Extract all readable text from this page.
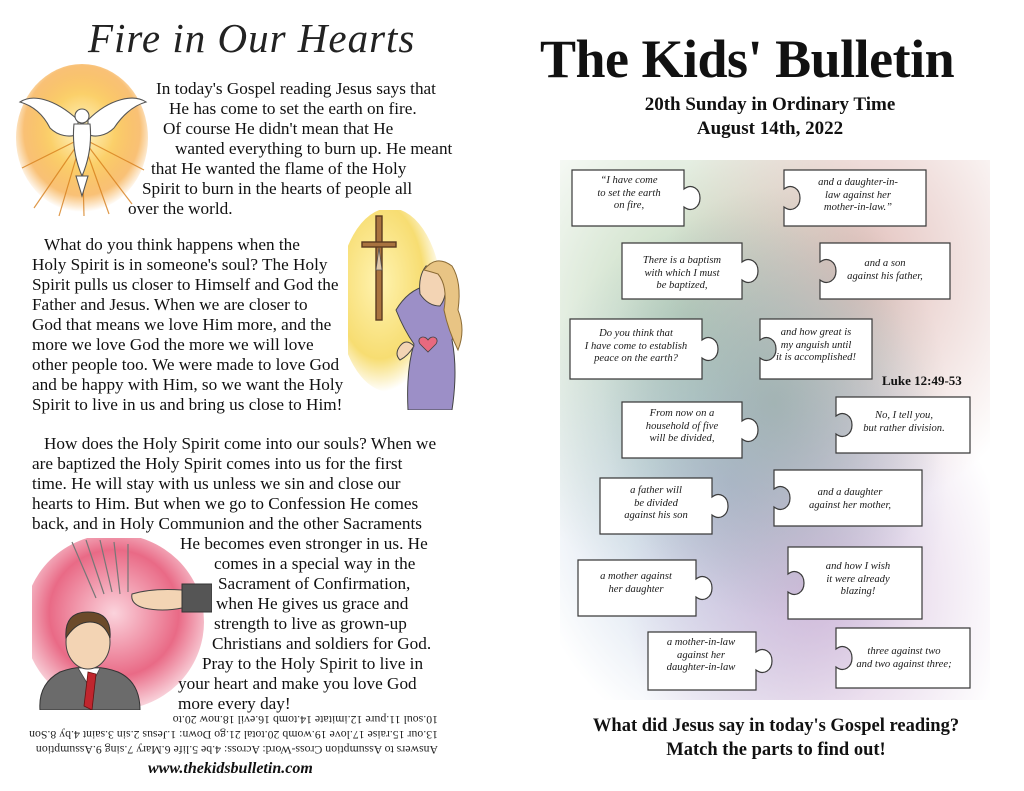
Fire in Our Hearts
In today's Gospel reading Jesus says that
He has come to set the earth on fire.
Of course He didn't mean that He
wanted everything to burn up. He meant
that He wanted the flame of the Holy
Spirit to burn in the hearts of people all
over the world.
What do you think happens when the
Holy Spirit is in someone's soul? The Holy
Spirit pulls us closer to Himself and God the
Father and Jesus. When we are closer to
God that means we love Him more, and the
more we love God the more we will love
other people too. We were made to love God
and be happy with Him, so we want the Holy
Spirit to live in us and bring us close to Him!
How does the Holy Spirit come into our souls? When we
are baptized the Holy Spirit comes into us for the first
time. He will stay with us unless we sin and close our
hearts to Him. But when we go to Confession He comes
back, and in Holy Communion and the other Sacraments
He becomes even stronger in us. He
comes in a special way in the
Sacrament of Confirmation,
when He gives us grace and
strength to live as grown-up
Christians and soldiers for God.
Pray to the Holy Spirit to live in
your heart and make you love God
more every day!
Answers to Assumption Cross-Word: Across: 4.be 5.life 6.Mary 7.sing 9.Assumption
13.our 15.raise 17.love 19.womb 20.total 21.go Down: 1.Jesus 2.sin 3.saint 4.by 8.Son
10.soul 11.pure 12.imitate 14.tomb 16.evil 18.now 20.to
www.thekidsbulletin.com
The Kids' Bulletin
20th Sunday in Ordinary Time
August 14th, 2022
“I have come
to set the earth
on fire,
and a daughter-in-
law against her
mother-in-law.”
There is a baptism
with which I must
be baptized,
and a son
against his father,
Do you think that
I have come to establish
peace on the earth?
and how great is
my anguish until
it is accomplished!
From now on a
household of five
will be divided,
No, I tell you,
but rather division.
a father will
be divided
against his son
and a daughter
against her mother,
a mother against
her daughter
and how I wish
it were already
blazing!
a mother-in-law
against her
daughter-in-law
three against two
and two against three;
Luke 12:49-53
What did Jesus say in today's Gospel reading?
Match the parts to find out!
